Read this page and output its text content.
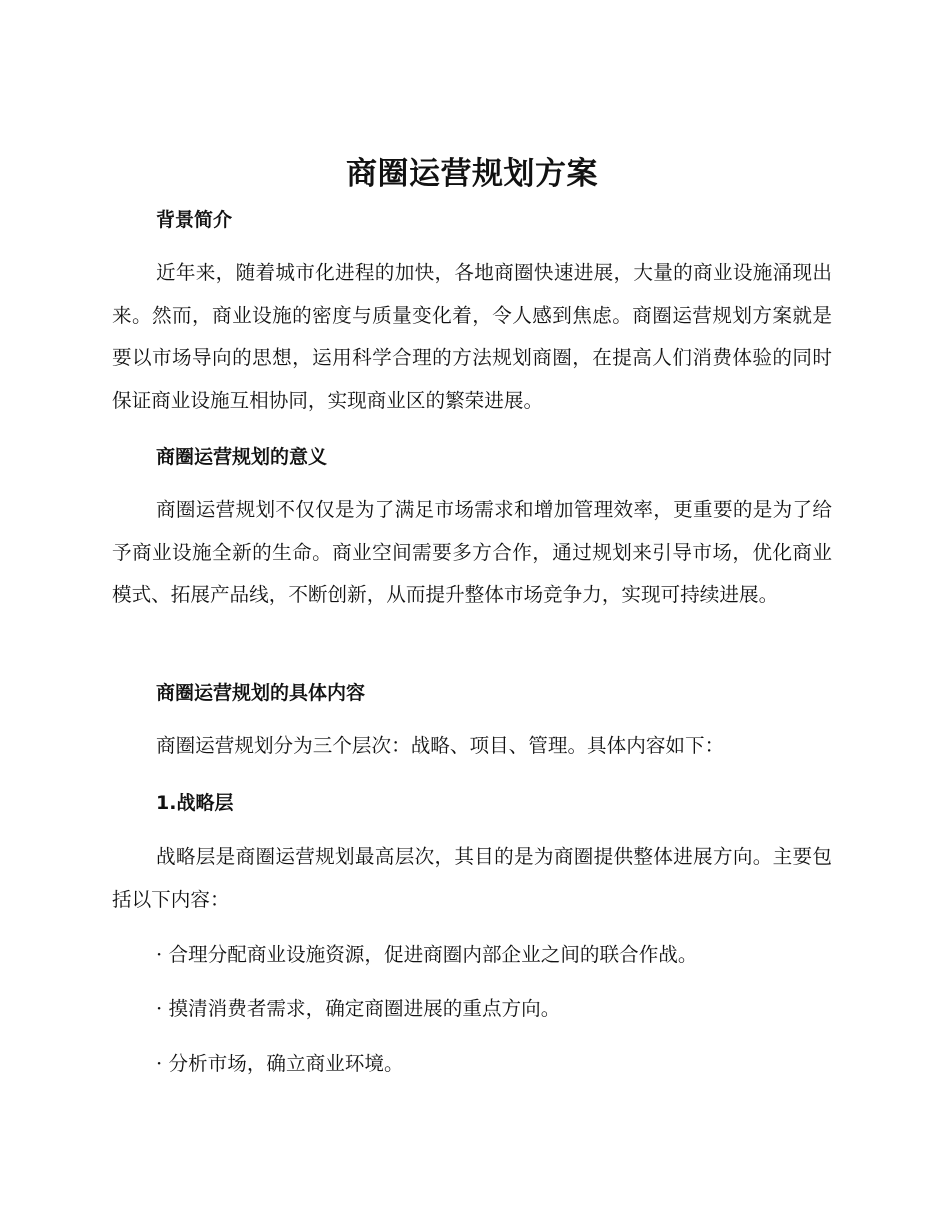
商圈运营规划方案
背景简介

近年来，随着城市化进程的加快，各地商圈快速进展，大量的商业设施涌现出来。然而，商业设施的密度与质量变化着，令人感到焦虑。商圈运营规划方案就是要以市场导向的思想，运用科学合理的方法规划商圈，在提高人们消费体验的同时保证商业设施互相协同，实现商业区的繁荣进展。

商圈运营规划的意义

商圈运营规划不仅仅是为了满足市场需求和增加管理效率，更重要的是为了给予商业设施全新的生命。商业空间需要多方合作，通过规划来引导市场，优化商业模式、拓展产品线，不断创新，从而提升整体市场竞争力，实现可持续进展。

商圈运营规划的具体内容

商圈运营规划分为三个层次：战略、项目、管理。具体内容如下：

1.战略层

战略层是商圈运营规划最高层次，其目的是为商圈提供整体进展方向。主要包括以下内容：

· 合理分配商业设施资源，促进商圈内部企业之间的联合作战。

· 摸清消费者需求，确定商圈进展的重点方向。

· 分析市场，确立商业环境。
